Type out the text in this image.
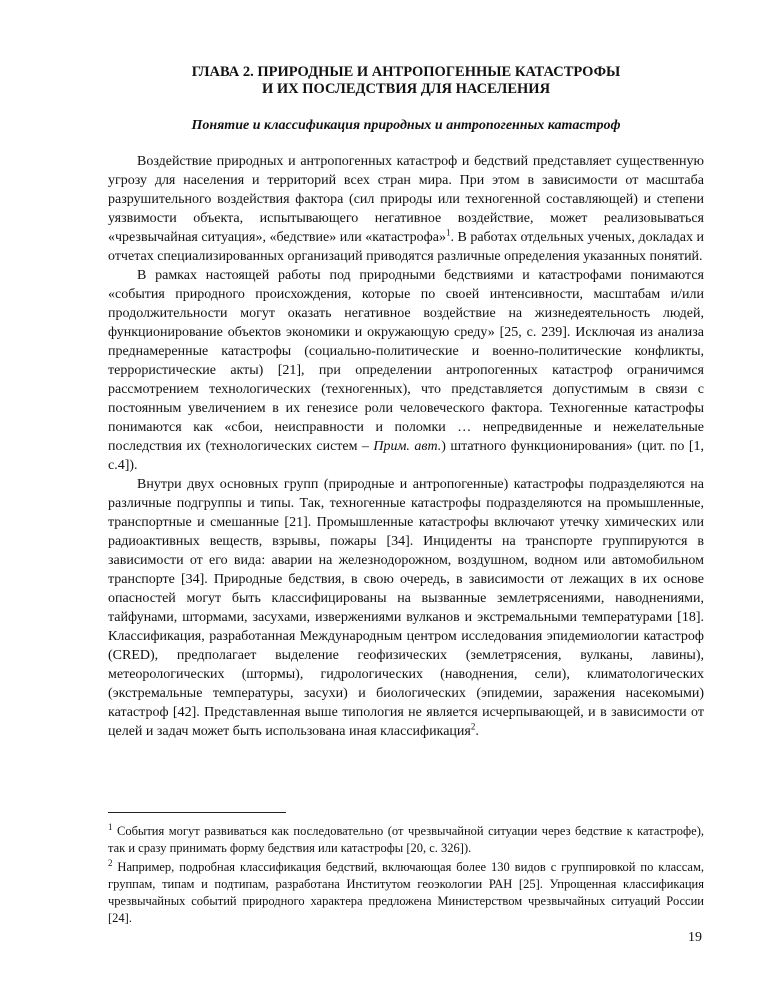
ГЛАВА 2. ПРИРОДНЫЕ И АНТРОПОГЕННЫЕ КАТАСТРОФЫ
И ИХ ПОСЛЕДСТВИЯ ДЛЯ НАСЕЛЕНИЯ

Понятие и классификация природных и антропогенных катастроф

Воздействие природных и антропогенных катастроф и бедствий представляет существенную угрозу для населения и территорий всех стран мира. При этом в зависимости от масштаба разрушительного воздействия фактора (сил природы или техногенной составляющей) и степени уязвимости объекта, испытывающего негативное воздействие, может реализовываться «чрезвычайная ситуация», «бедствие» или «катастрофа»$^1$. В работах отдельных ученых, докладах и отчетах специализированных организаций приводятся различные определения указанных понятий.

В рамках настоящей работы под природными бедствиями и катастрофами понимаются «события природного происхождения, которые по своей интенсивности, масштабам и/или продолжительности могут оказать негативное воздействие на жизнедеятельность людей, функционирование объектов экономики и окружающую среду» [25, с. 239]. Исключая из анализа преднамеренные катастрофы (социально-политические и военно-политические конфликты, террористические акты) [21], при определении антропогенных катастроф ограничимся рассмотрением технологических (техногенных), что представляется допустимым в связи с постоянным увеличением в их генезисе роли человеческого фактора. Техногенные катастрофы понимаются как «сбои, неисправности и поломки … непредвиденные и нежелательные последствия их (технологических систем – Прим. авт.) штатного функционирования» (цит. по [1, с.4]).

Внутри двух основных групп (природные и антропогенные) катастрофы подразделяются на различные подгруппы и типы. Так, техногенные катастрофы подразделяются на промышленные, транспортные и смешанные [21]. Промышленные катастрофы включают утечку химических или радиоактивных веществ, взрывы, пожары [34]. Инциденты на транспорте группируются в зависимости от его вида: аварии на железнодорожном, воздушном, водном или автомобильном транспорте [34]. Природные бедствия, в свою очередь, в зависимости от лежащих в их основе опасностей могут быть классифицированы на вызванные землетрясениями, наводнениями, тайфунами, штормами, засухами, извержениями вулканов и экстремальными температурами [18]. Классификация, разработанная Международным центром исследования эпидемиологии катастроф (CRED), предполагает выделение геофизических (землетрясения, вулканы, лавины), метеорологических (штормы), гидрологических (наводнения, сели), климатологических (экстремальные температуры, засухи) и биологических (эпидемии, заражения насекомыми) катастроф [42]. Представленная выше типология не является исчерпывающей, и в зависимости от целей и задач может быть использована иная классификация$^2$.

$^1$ События могут развиваться как последовательно (от чрезвычайной ситуации через бедствие к катастрофе), так и сразу принимать форму бедствия или катастрофы [20, с. 326]).

$^2$ Например, подробная классификация бедствий, включающая более 130 видов с группировкой по классам, группам, типам и подтипам, разработана Институтом геоэкологии РАН [25]. Упрощенная классификация чрезвычайных событий природного характера предложена Министерством чрезвычайных ситуаций России [24].

19
